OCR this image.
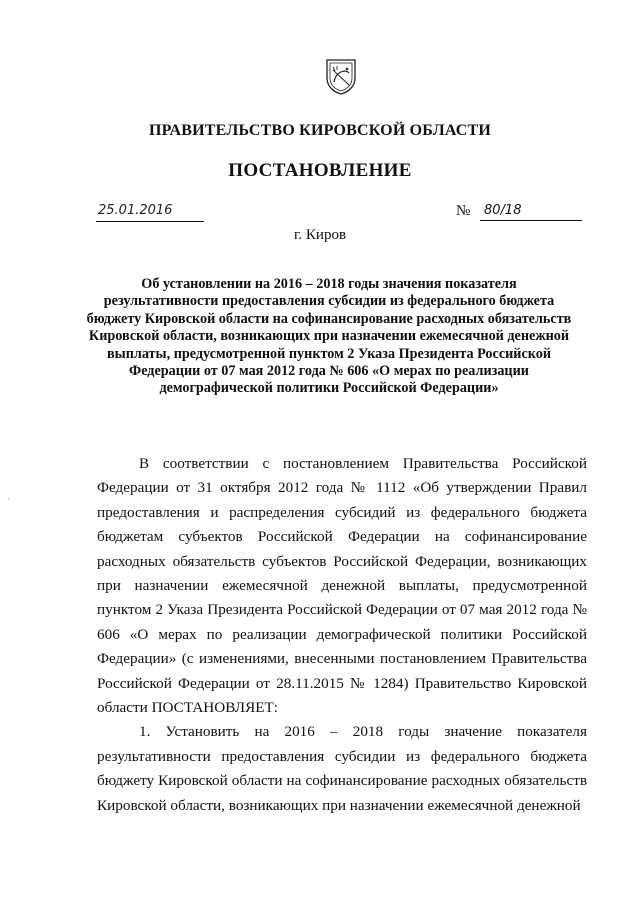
ПРАВИТЕЛЬСТВО КИРОВСКОЙ ОБЛАСТИ
ПОСТАНОВЛЕНИЕ
25.01.2016	№	80/18
г. Киров
Об установлении на 2016 – 2018 годы значения показателя результативности предоставления субсидии из федерального бюджета бюджету Кировской области на софинансирование расходных обязательств Кировской области, возникающих при назначении ежемесячной денежной выплаты, предусмотренной пунктом 2 Указа Президента Российской Федерации от 07 мая 2012 года № 606 «О мерах по реализации демографической политики Российской Федерации»
·

В соответствии с постановлением Правительства Российской Федерации от 31 октября 2012 года № 1112 «Об утверждении Правил предоставления и распределения субсидий из федерального бюджета бюджетам субъектов Российской Федерации на софинансирование расходных обязательств субъектов Российской Федерации, возникающих при назначении ежемесячной денежной выплаты, предусмотренной пунктом 2 Указа Президента Российской Федерации от 07 мая 2012 года № 606 «О мерах по реализации демографической политики Российской Федерации» (с изменениями, внесенными постановлением Правительства Российской Федерации от 28.11.2015 № 1284) Правительство Кировской области ПОСТАНОВЛЯЕТ:

1. Установить на 2016 – 2018 годы значение показателя результативности предоставления субсидии из федерального бюджета бюджету Кировской области на софинансирование расходных обязательств Кировской области, возникающих при назначении ежемесячной денежной
